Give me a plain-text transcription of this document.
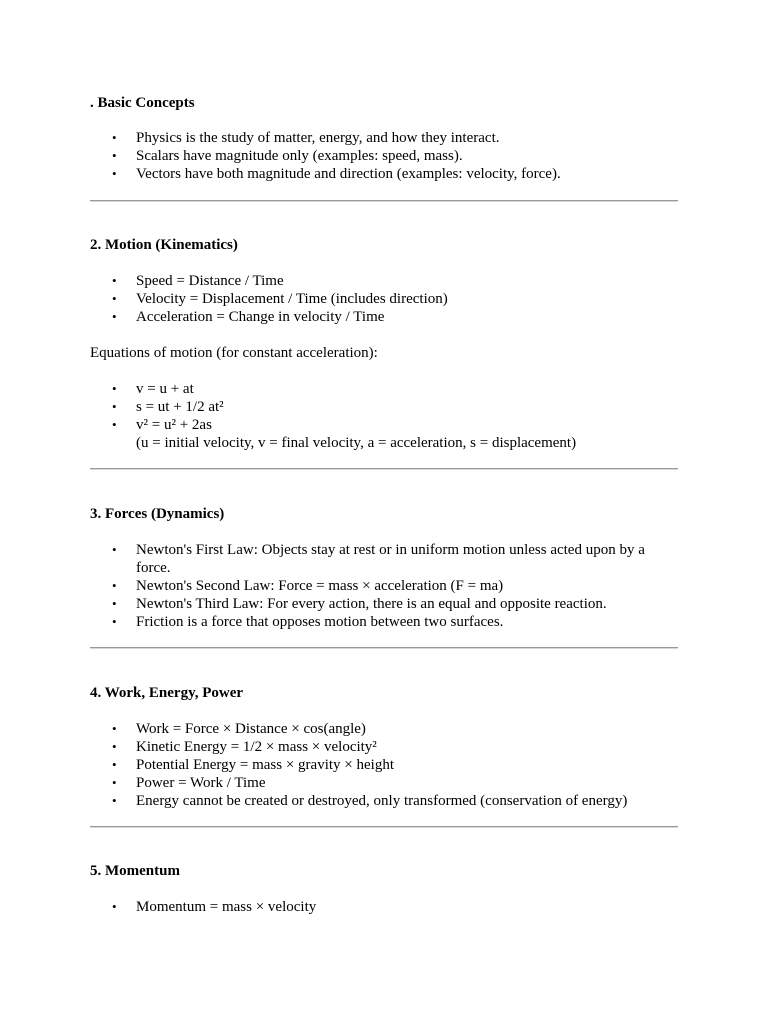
. Basic Concepts
• Physics is the study of matter, energy, and how they interact.
• Scalars have magnitude only (examples: speed, mass).
• Vectors have both magnitude and direction (examples: velocity, force).
2. Motion (Kinematics)
• Speed = Distance / Time
• Velocity = Displacement / Time (includes direction)
• Acceleration = Change in velocity / Time
Equations of motion (for constant acceleration):
• v = u + at
• s = ut + 1/2 at²
• v² = u² + 2as
(u = initial velocity, v = final velocity, a = acceleration, s = displacement)
3. Forces (Dynamics)
• Newton's First Law: Objects stay at rest or in uniform motion unless acted upon by a force.
• Newton's Second Law: Force = mass × acceleration (F = ma)
• Newton's Third Law: For every action, there is an equal and opposite reaction.
• Friction is a force that opposes motion between two surfaces.
4. Work, Energy, Power
• Work = Force × Distance × cos(angle)
• Kinetic Energy = 1/2 × mass × velocity²
• Potential Energy = mass × gravity × height
• Power = Work / Time
• Energy cannot be created or destroyed, only transformed (conservation of energy)
5. Momentum
• Momentum = mass × velocity
